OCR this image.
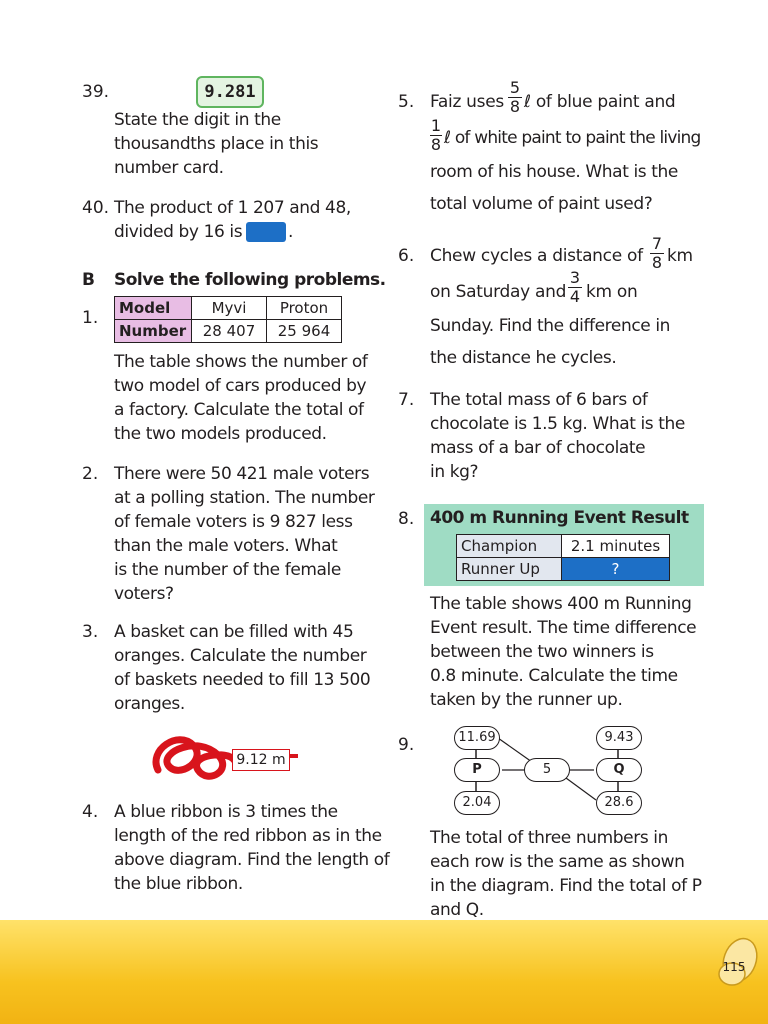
39.	9.281
State the digit in the
thousandths place in this
number card.
40. The product of 1 207 and 48,
divided by 16 is	.
B Solve the following problems.
1. Model	Myvi	Proton
Number	28 407	25 964
The table shows the number of
two model of cars produced by
a factory. Calculate the total of
the two models produced.
2. There were 50 421 male voters
at a polling station. The number
of female voters is 9 827 less
than the male voters. What
is the number of the female
voters?
3. A basket can be filled with 45
oranges. Calculate the number
of baskets needed to fill 13 500
oranges.
9.12 m
4. A blue ribbon is 3 times the
length of the red ribbon as in the
above diagram. Find the length of
the blue ribbon.
5. Faiz uses
5
8 ℓ of blue paint and
1
8 ℓ of white paint to paint the living
room of his house. What is the
total volume of paint used?
6. Chew cycles a distance of
7
8 km
on Saturday and
3
4 km on
Sunday. Find the difference in
the distance he cycles.
7. The total mass of 6 bars of
chocolate is 1.5 kg. What is the
mass of a bar of chocolate
in kg?
8. 400 m Running Event Result
Champion	2.1 minutes
Runner Up	?
The table shows 400 m Running
Event result. The time difference
between the two winners is
0.8 minute. Calculate the time
taken by the runner up.
9.	11.69
P
2.04
5
9.43
Q
28.6
The total of three numbers in
each row is the same as shown
in the diagram. Find the total of P
and Q.
115
